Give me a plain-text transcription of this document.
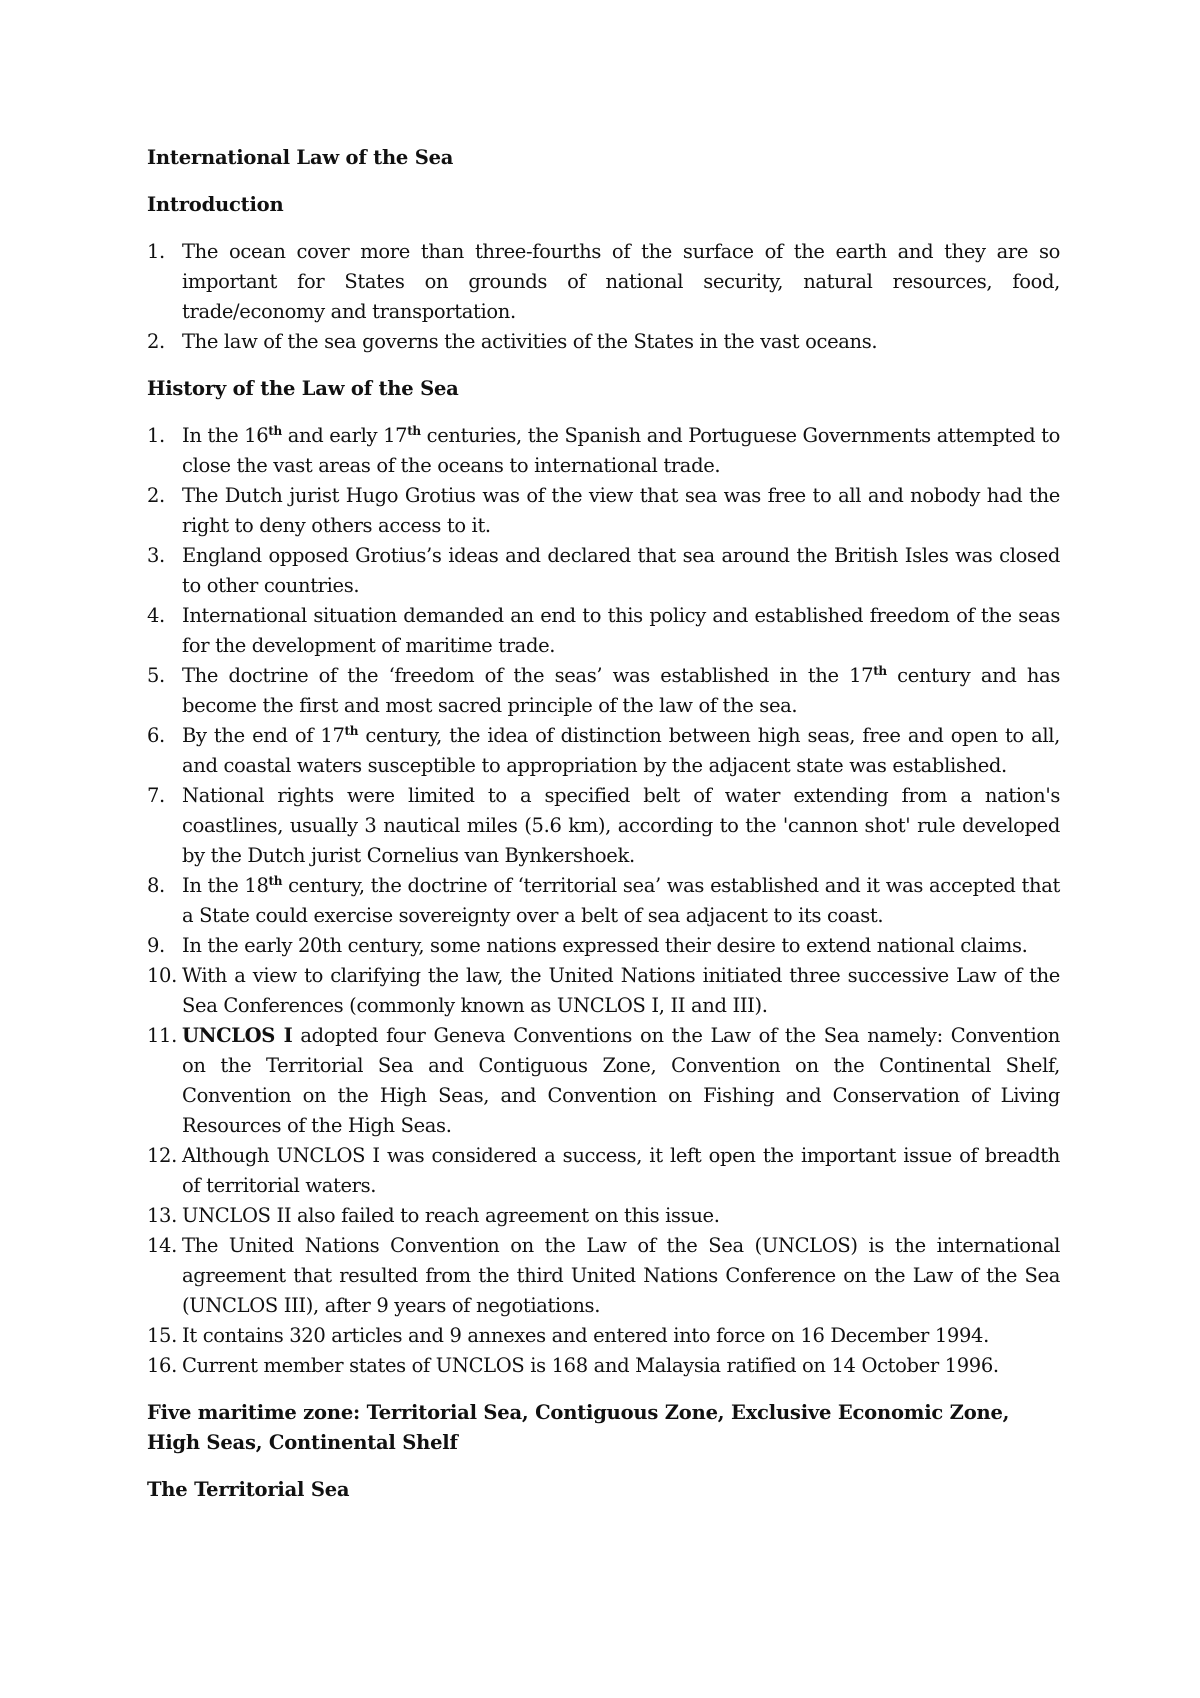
International Law of the Sea

Introduction

1. The ocean cover more than three-fourths of the surface of the earth and they are so important for States on grounds of national security, natural resources, food, trade/economy and transportation.
2. The law of the sea governs the activities of the States in the vast oceans.

History of the Law of the Sea

1. In the 16th and early 17th centuries, the Spanish and Portuguese Governments attempted to close the vast areas of the oceans to international trade.
2. The Dutch jurist Hugo Grotius was of the view that sea was free to all and nobody had the right to deny others access to it.
3. England opposed Grotius’s ideas and declared that sea around the British Isles was closed to other countries.
4. International situation demanded an end to this policy and established freedom of the seas for the development of maritime trade.
5. The doctrine of the ‘freedom of the seas’ was established in the 17th century and has become the first and most sacred principle of the law of the sea.
6. By the end of 17th century, the idea of distinction between high seas, free and open to all, and coastal waters susceptible to appropriation by the adjacent state was established.
7. National rights were limited to a specified belt of water extending from a nation's coastlines, usually 3 nautical miles (5.6 km), according to the 'cannon shot' rule developed by the Dutch jurist Cornelius van Bynkershoek.
8. In the 18th century, the doctrine of ‘territorial sea’ was established and it was accepted that a State could exercise sovereignty over a belt of sea adjacent to its coast.
9. In the early 20th century, some nations expressed their desire to extend national claims.
10. With a view to clarifying the law, the United Nations initiated three successive Law of the Sea Conferences (commonly known as UNCLOS I, II and III).
11. UNCLOS I adopted four Geneva Conventions on the Law of the Sea namely: Convention on the Territorial Sea and Contiguous Zone, Convention on the Continental Shelf, Convention on the High Seas, and Convention on Fishing and Conservation of Living Resources of the High Seas.
12. Although UNCLOS I was considered a success, it left open the important issue of breadth of territorial waters.
13. UNCLOS II also failed to reach agreement on this issue.
14. The United Nations Convention on the Law of the Sea (UNCLOS) is the international agreement that resulted from the third United Nations Conference on the Law of the Sea (UNCLOS III), after 9 years of negotiations.
15. It contains 320 articles and 9 annexes and entered into force on 16 December 1994.
16. Current member states of UNCLOS is 168 and Malaysia ratified on 14 October 1996.

Five maritime zone: Territorial Sea, Contiguous Zone, Exclusive Economic Zone, High Seas, Continental Shelf

The Territorial Sea
